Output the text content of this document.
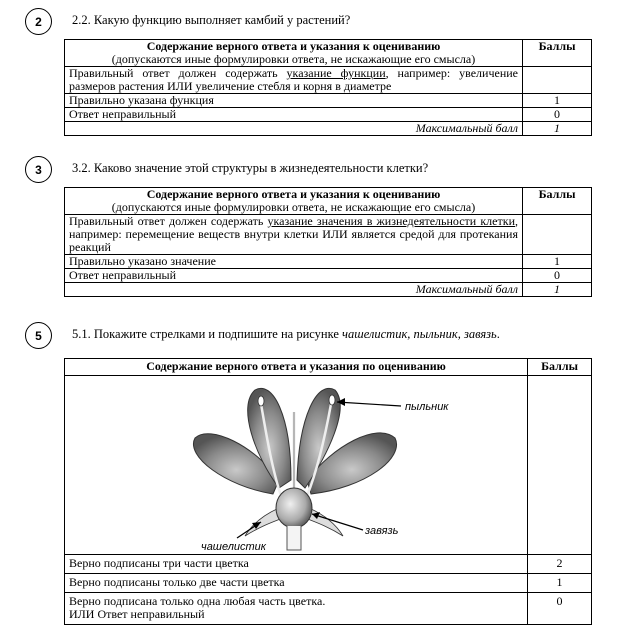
2 2.2. Какую функцию выполняет камбий у растений?
Содержание верного ответа и указания к оцениванию
(допускаются иные формулировки ответа, не искажающие его смысла)	Баллы
Правильный ответ должен содержать указание функции, например: увеличение размеров растения ИЛИ увеличение стебля и корня в диаметре	
Правильно указана функция	1
Ответ неправильный	0
Максимальный балл	1
3 3.2. Каково значение этой структуры в жизнедеятельности клетки?
Содержание верного ответа и указания к оцениванию
(допускаются иные формулировки ответа, не искажающие его смысла)	Баллы
Правильный ответ должен содержать указание значения в жизнедеятельности клетки, например: перемещение веществ внутри клетки ИЛИ является средой для протекания реакций	
Правильно указано значение	1
Ответ неправильный	0
Максимальный балл	1
5 5.1. Покажите стрелками и подпишите на рисунке чашелистик, пыльник, завязь.
Содержание верного ответа и указания по оцениванию	Баллы

пыльник
завязь
чашелистик	

Верно подписаны три части цветка	2
Верно подписаны только две части цветка	1

Верно подписана только одна любая часть цветка.
ИЛИ Ответ неправильный	0
